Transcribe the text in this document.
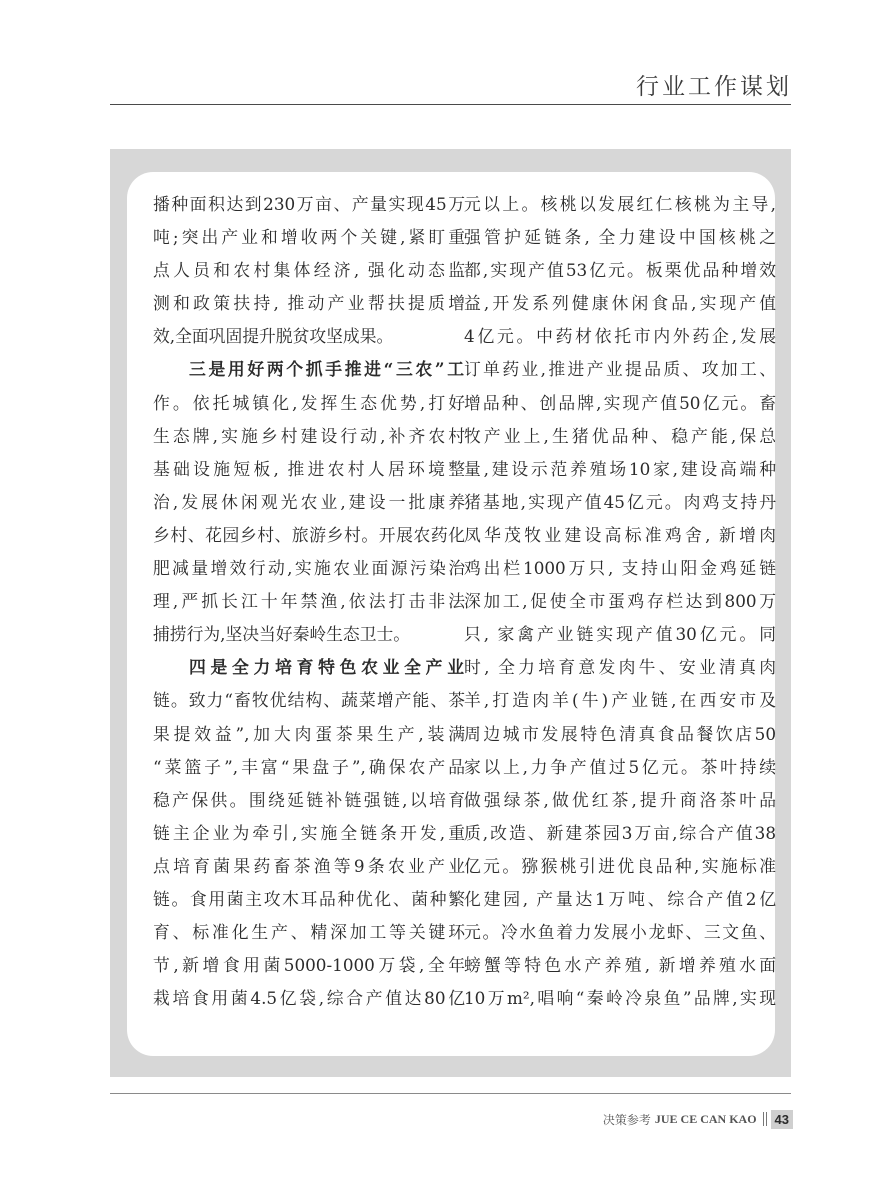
行业工作谋划
播种面积达到230万亩、产量实现45万
吨;突出产业和增收两个关键,紧盯重
点人员和农村集体经济, 强化动态监
测和政策扶持, 推动产业帮扶提质增
效,全面巩固提升脱贫攻坚成果。
三是用好两个抓手推进“三农”工
作。依托城镇化,发挥生态优势,打好
生态牌,实施乡村建设行动,补齐农村
基础设施短板, 推进农村人居环境整
治,发展休闲观光农业,建设一批康养
乡村、花园乡村、旅游乡村。开展农药化
肥减量增效行动,实施农业面源污染治
理,严抓长江十年禁渔,依法打击非法
捕捞行为,坚决当好秦岭生态卫士。
四是全力培育特色农业全产业
链。致力“畜牧优结构、蔬菜增产能、茶
果提效益”,加大肉蛋茶果生产,装满
“菜篮子”,丰富“果盘子”,确保农产品
稳产保供。围绕延链补链强链,以培育
链主企业为牵引,实施全链条开发,重
点培育菌果药畜茶渔等9条农业产业
链。食用菌主攻木耳品种优化、菌种繁
育、标准化生产、精深加工等关键环
节,新增食用菌5000-1000万袋,全年
栽培食用菌4.5亿袋,综合产值达80亿
元以上。核桃以发展红仁核桃为主导,
强管护延链条, 全力建设中国核桃之
都,实现产值53亿元。板栗优品种增效
益,开发系列健康休闲食品,实现产值
4亿元。中药材依托市内外药企,发展
订单药业,推进产业提品质、攻加工、
增品种、创品牌,实现产值50亿元。畜
牧产业上,生猪优品种、稳产能,保总
量,建设示范养殖场10家,建设高端种
猪基地,实现产值45亿元。肉鸡支持丹
凤华茂牧业建设高标准鸡舍, 新增肉
鸡出栏1000万只, 支持山阳金鸡延链
深加工,促使全市蛋鸡存栏达到800万
只, 家禽产业链实现产值30亿元。同
时, 全力培育意发肉牛、安业清真肉
羊,打造肉羊(牛)产业链,在西安市及
周边城市发展特色清真食品餐饮店50
家以上,力争产值过5亿元。茶叶持续
做强绿茶,做优红茶,提升商洛茶叶品
质,改造、新建茶园3万亩,综合产值38
亿元。猕猴桃引进优良品种,实施标准
化建园, 产量达1万吨、综合产值2亿
元。冷水鱼着力发展小龙虾、三文鱼、
螃蟹等特色水产养殖, 新增养殖水面
10万m²,唱响“秦岭冷泉鱼”品牌,实现
决策参考 JUE CE CAN KAO	43
